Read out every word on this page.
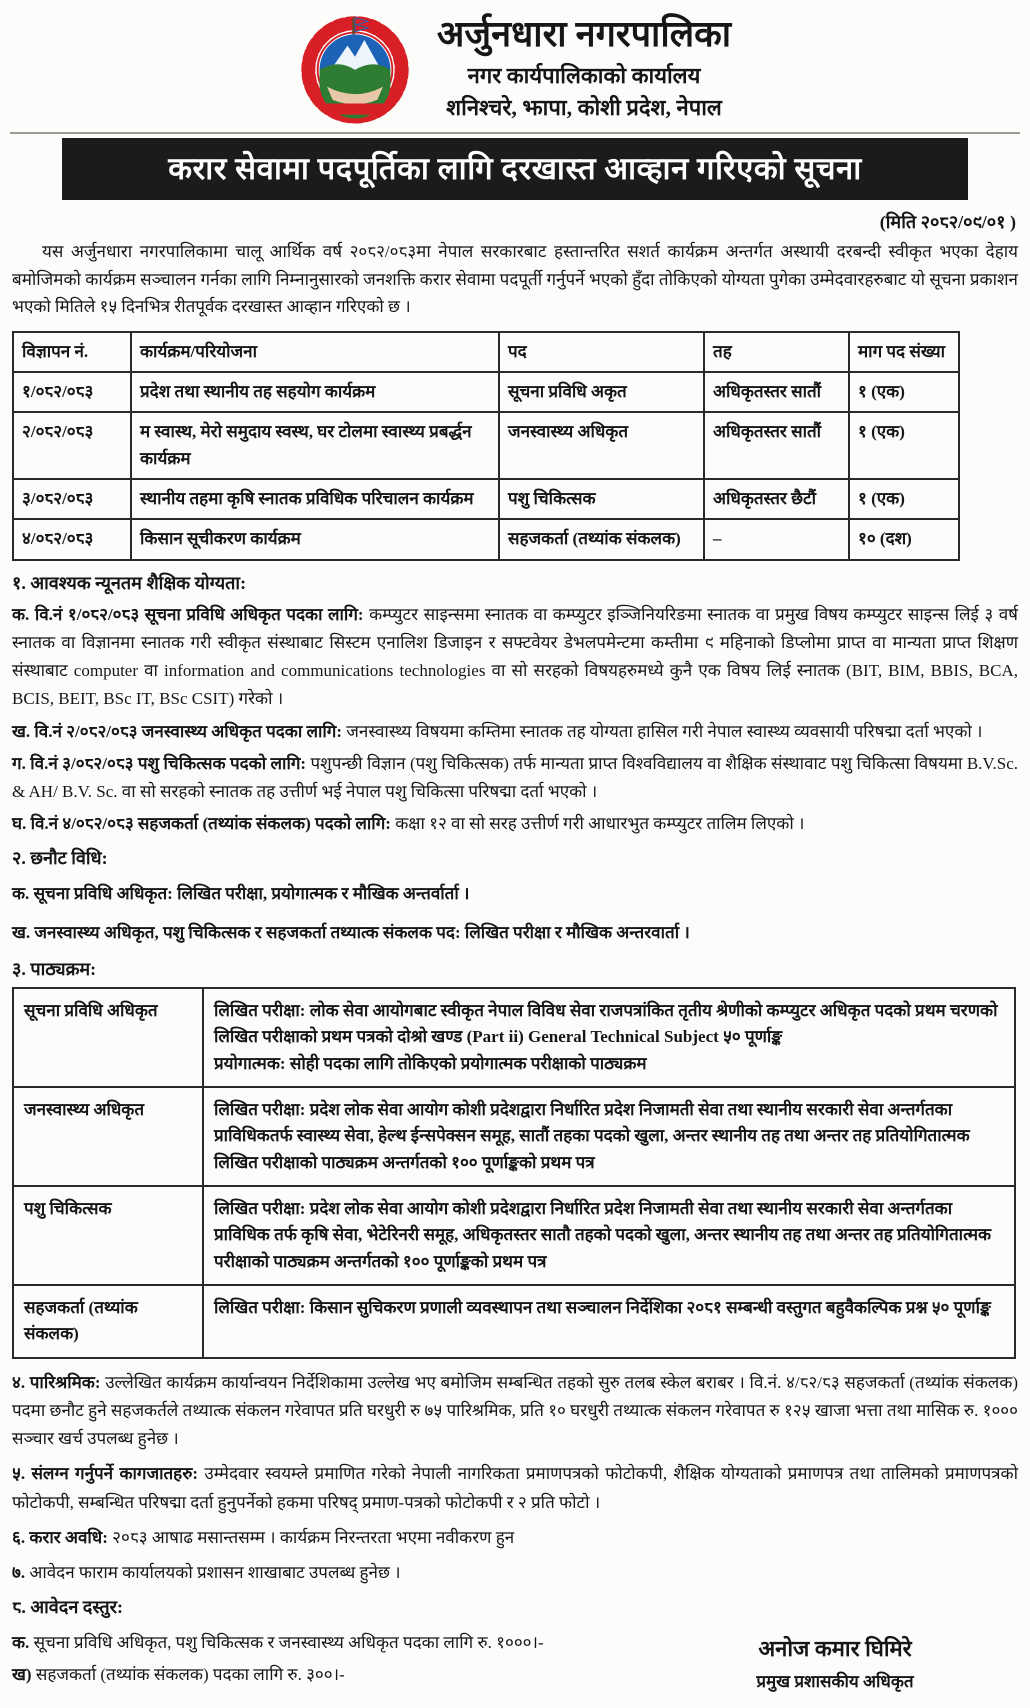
अर्जुनधारा नगरपालिका
नगर कार्यपालिकाको कार्यालय
शनिश्चरे, झापा, कोशी प्रदेश, नेपाल
करार सेवामा पदपूर्तिका लागि दरखास्त आव्हान गरिएको सूचना
(मिति २०८२/०९/०१ )

यस अर्जुनधारा नगरपालिकामा चालू आर्थिक वर्ष २०८२/०८३मा नेपाल सरकारबाट हस्तान्तरित सशर्त कार्यक्रम अन्तर्गत अस्थायी दरबन्दी स्वीकृत भएका देहाय बमोजिमको कार्यक्रम सञ्चालन गर्नका लागि निम्नानुसारको जनशक्ति करार सेवामा पदपूर्ती गर्नुपर्ने भएको हुँदा तोकिएको योग्यता पुगेका उम्मेदवारहरुबाट यो सूचना प्रकाशन भएको मितिले १५ दिनभित्र रीतपूर्वक दरखास्त आव्हान गरिएको छ ।

विज्ञापन नं.	कार्यक्रम/परियोजना	पद	तह	माग पद संख्या
१/०८२/०८३	प्रदेश तथा स्थानीय तह सहयोग कार्यक्रम	सूचना प्रविधि अकृत	अधिकृतस्तर सातौं	१ (एक)
२/०८२/०८३	म स्वास्थ, मेरो समुदाय स्वस्थ, घर टोलमा स्वास्थ्य प्रबर्द्धन कार्यक्रम	जनस्वास्थ्य अधिकृत	अधिकृतस्तर सातौं	१ (एक)
३/०८२/०८३	स्थानीय तहमा कृषि स्नातक प्रविधिक परिचालन कार्यक्रम	पशु चिकित्सक	अधिकृतस्तर छैटौं	१ (एक)
४/०८२/०८३	किसान सूचीकरण कार्यक्रम	सहजकर्ता (तथ्यांक संकलक)	–	१० (दश)
१. आवश्यक न्यूनतम शैक्षिक योग्यता:

क. वि.नं १/०८२/०८३ सूचना प्रविधि अधिकृत पदका लागि: कम्प्युटर साइन्समा स्नातक वा कम्प्युटर इञ्जिनियरिङमा स्नातक वा प्रमुख विषय कम्प्युटर साइन्स लिई ३ वर्ष स्नातक वा विज्ञानमा स्नातक गरी स्वीकृत संस्थाबाट सिस्टम एनालिश डिजाइन र सफ्टवेयर डेभलपमेन्टमा कम्तीमा ९ महिनाको डिप्लोमा प्राप्त वा मान्यता प्राप्त शिक्षण संस्थाबाट computer वा information and communications technologies वा सो सरहको विषयहरुमध्ये कुनै एक विषय लिई स्नातक (BIT, BIM, BBIS, BCA, BCIS, BEIT, BSc IT, BSc CSIT) गरेको ।

ख. वि.नं २/०८२/०८३ जनस्वास्थ्य अधिकृत पदका लागि: जनस्वास्थ्य विषयमा कम्तिमा स्नातक तह योग्यता हासिल गरी नेपाल स्वास्थ्य व्यवसायी परिषद्मा दर्ता भएको ।

ग. वि.नं ३/०८२/०८३ पशु चिकित्सक पदको लागि: पशुपन्छी विज्ञान (पशु चिकित्सक) तर्फ मान्यता प्राप्त विश्वविद्यालय वा शैक्षिक संस्थावाट पशु चिकित्सा विषयमा B.V.Sc. & AH/ B.V. Sc. वा सो सरहको स्नातक तह उत्तीर्ण भई नेपाल पशु चिकित्सा परिषद्मा दर्ता भएको ।

घ. वि.नं ४/०८२/०८३ सहजकर्ता (तथ्यांक संकलक) पदको लागि: कक्षा १२ वा सो सरह उत्तीर्ण गरी आधारभुत कम्प्युटर तालिम लिएको ।

२. छनौट विधि:

क. सूचना प्रविधि अधिकृत: लिखित परीक्षा, प्रयोगात्मक र मौखिक अन्तर्वार्ता ।

ख. जनस्वास्थ्य अधिकृत, पशु चिकित्सक र सहजकर्ता तथ्यात्क संकलक पद: लिखित परीक्षा र मौखिक अन्तरवार्ता ।

३. पाठ्यक्रम:
सूचना प्रविधि अधिकृत	लिखित परीक्षा: लोक सेवा आयोगबाट स्वीकृत नेपाल विविध सेवा राजपत्रांकित तृतीय श्रेणीको कम्प्युटर अधिकृत पदको प्रथम चरणको लिखित परीक्षाको प्रथम पत्रको दोश्रो खण्ड (Part ii) General Technical Subject ५० पूर्णाङ्क
प्रयोगात्मक: सोही पदका लागि तोकिएको प्रयोगात्मक परीक्षाको पाठ्यक्रम

जनस्वास्थ्य अधिकृत	लिखित परीक्षा: प्रदेश लोक सेवा आयोग कोशी प्रदेशद्वारा निर्धारित प्रदेश निजामती सेवा तथा स्थानीय सरकारी सेवा अन्तर्गतका प्राविधिकतर्फ स्वास्थ्य सेवा, हेल्थ ईन्सपेक्सन समूह, सातौं तहका पदको खुला, अन्तर स्थानीय तह तथा अन्तर तह प्रतियोगितात्मक लिखित परीक्षाको पाठ्यक्रम अन्तर्गतको १०० पूर्णाङ्कको प्रथम पत्र

पशु चिकित्सक	लिखित परीक्षा: प्रदेश लोक सेवा आयोग कोशी प्रदेशद्वारा निर्धारित प्रदेश निजामती सेवा तथा स्थानीय सरकारी सेवा अन्तर्गतका प्राविधिक तर्फ कृषि सेवा, भेटेरिनरी समूह, अधिकृतस्तर सातौ तहको पदको खुला, अन्तर स्थानीय तह तथा अन्तर तह प्रतियोगितात्मक परीक्षाको पाठ्यक्रम अन्तर्गतको १०० पूर्णाङ्कको प्रथम पत्र

सहजकर्ता (तथ्यांक संकलक)	लिखित परीक्षा: किसान सुचिकरण प्रणाली व्यवस्थापन तथा सञ्चालन निर्देशिका २०८१ सम्बन्धी वस्तुगत बहुवैकल्पिक प्रश्न ५० पूर्णाङ्क

४. पारिश्रमिक: उल्लेखित कार्यक्रम कार्यान्वयन निर्देशिकामा उल्लेख भए बमोजिम सम्बन्धित तहको सुरु तलब स्केल बराबर । वि.नं. ४/८२/८३ सहजकर्ता (तथ्यांक संकलक) पदमा छनौट हुने सहजकर्तले तथ्यात्क संकलन गरेवापत प्रति घरधुरी रु ७५ पारिश्रमिक, प्रति १० घरधुरी तथ्यात्क संकलन गरेवापत रु १२५ खाजा भत्ता तथा मासिक रु. १००० सञ्चार खर्च उपलब्ध हुनेछ ।

५. संलग्न गर्नुपर्ने कागजातहरु: उम्मेदवार स्वयम्ले प्रमाणित गरेको नेपाली नागरिकता प्रमाणपत्रको फोटोकपी, शैक्षिक योग्यताको प्रमाणपत्र तथा तालिमको प्रमाणपत्रको फोटोकपी, सम्बन्धित परिषद्मा दर्ता हुनुपर्नेको हकमा परिषद् प्रमाण-पत्रको फोटोकपी र २ प्रति फोटो ।

६. करार अवधि: २०८३ आषाढ मसान्तसम्म । कार्यक्रम निरन्तरता भएमा नवीकरण हुन

७. आवेदन फाराम कार्यालयको प्रशासन शाखाबाट उपलब्ध हुनेछ ।

८. आवेदन दस्तुर:

क. सूचना प्रविधि अधिकृत, पशु चिकित्सक र जनस्वास्थ्य अधिकृत पदका लागि रु. १०००।-

ख) सहजकर्ता (तथ्यांक संकलक) पदका लागि रु. ३००।-

अनोज कमार घिमिरे
प्रमुख प्रशासकीय अधिकृत
